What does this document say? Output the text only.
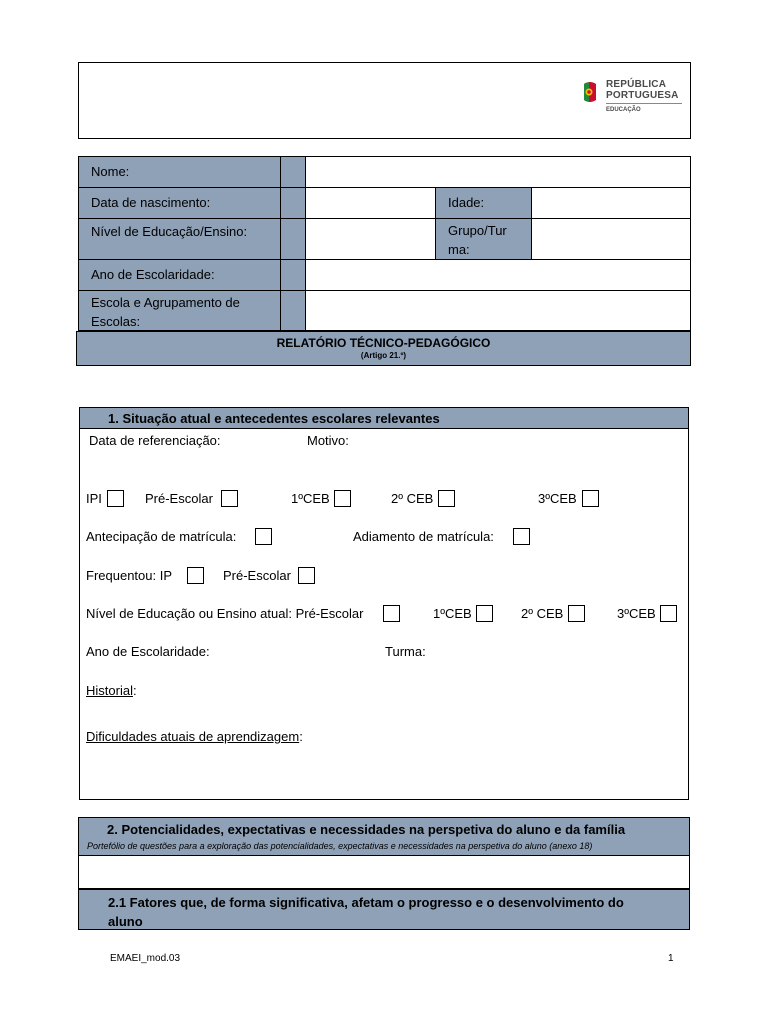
REPÚBLICA
PORTUGUESA
EDUCAÇÃO
Nome:
Data de nascimento:	Idade:
Nível de Educação/Ensino:	Grupo/Tur
ma:
Ano de Escolaridade:
Escola e Agrupamento de
Escolas:
RELATÓRIO TÉCNICO-PEDAGÓGICO
(Artigo 21.º)
1. Situação atual e antecedentes escolares relevantes
Data de referenciação:	Motivo:
IPI	Pré-Escolar	1ºCEB	2º CEB	3ºCEB
Antecipação de matrícula:	Adiamento de matrícula:
Frequentou: IP	Pré-Escolar
Nível de Educação ou Ensino atual: Pré-Escolar	1ºCEB	2º CEB	3ºCEB
Ano de Escolaridade:	Turma:
Historial:
Dificuldades atuais de aprendizagem:
2. Potencialidades, expectativas e necessidades na perspetiva do aluno e da família
Portefólio de questões para a exploração das potencialidades, expectativas e necessidades na perspetiva do aluno (anexo 18)
2.1 Fatores que, de forma significativa, afetam o progresso e o desenvolvimento do
aluno
EMAEI_mod.03	1
